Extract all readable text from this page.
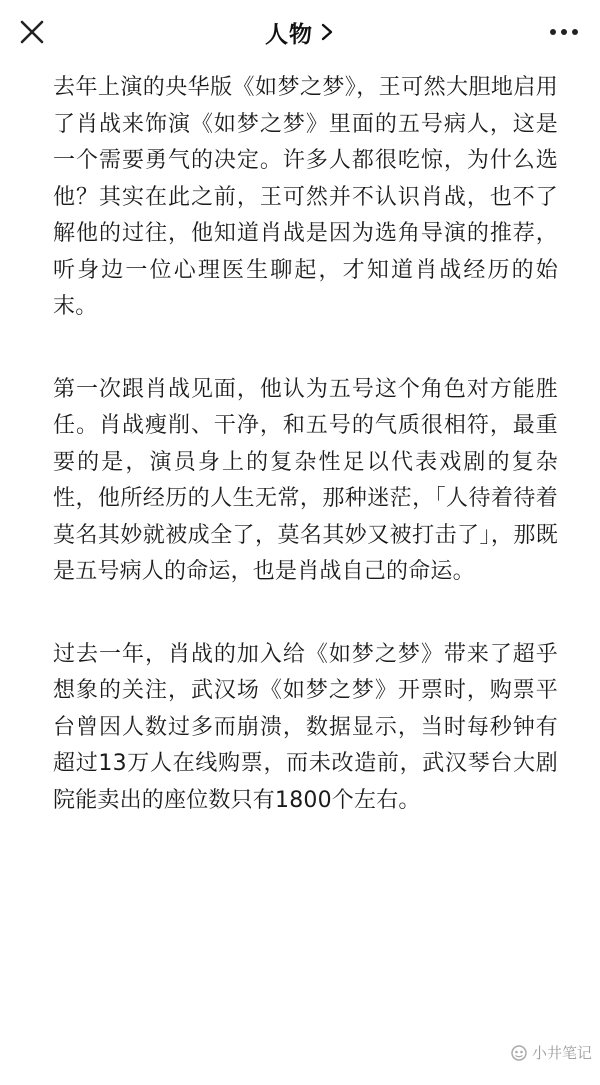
人物

去年上演的央华版《如梦之梦》，王可然大胆地启用了肖战来饰演《如梦之梦》里面的五号病人，这是一个需要勇气的决定。许多人都很吃惊，为什么选他？其实在此之前，王可然并不认识肖战，也不了解他的过往，他知道肖战是因为选角导演的推荐，听身边一位心理医生聊起，才知道肖战经历的始末。

第一次跟肖战见面，他认为五号这个角色对方能胜任。肖战瘦削、干净，和五号的气质很相符，最重要的是，演员身上的复杂性足以代表戏剧的复杂性，他所经历的人生无常，那种迷茫，「人待着待着莫名其妙就被成全了，莫名其妙又被打击了」，那既是五号病人的命运，也是肖战自己的命运。

过去一年，肖战的加入给《如梦之梦》带来了超乎想象的关注，武汉场《如梦之梦》开票时，购票平台曾因人数过多而崩溃，数据显示，当时每秒钟有超过13万人在线购票，而未改造前，武汉琴台大剧院能卖出的座位数只有1800个左右。

小井笔记
